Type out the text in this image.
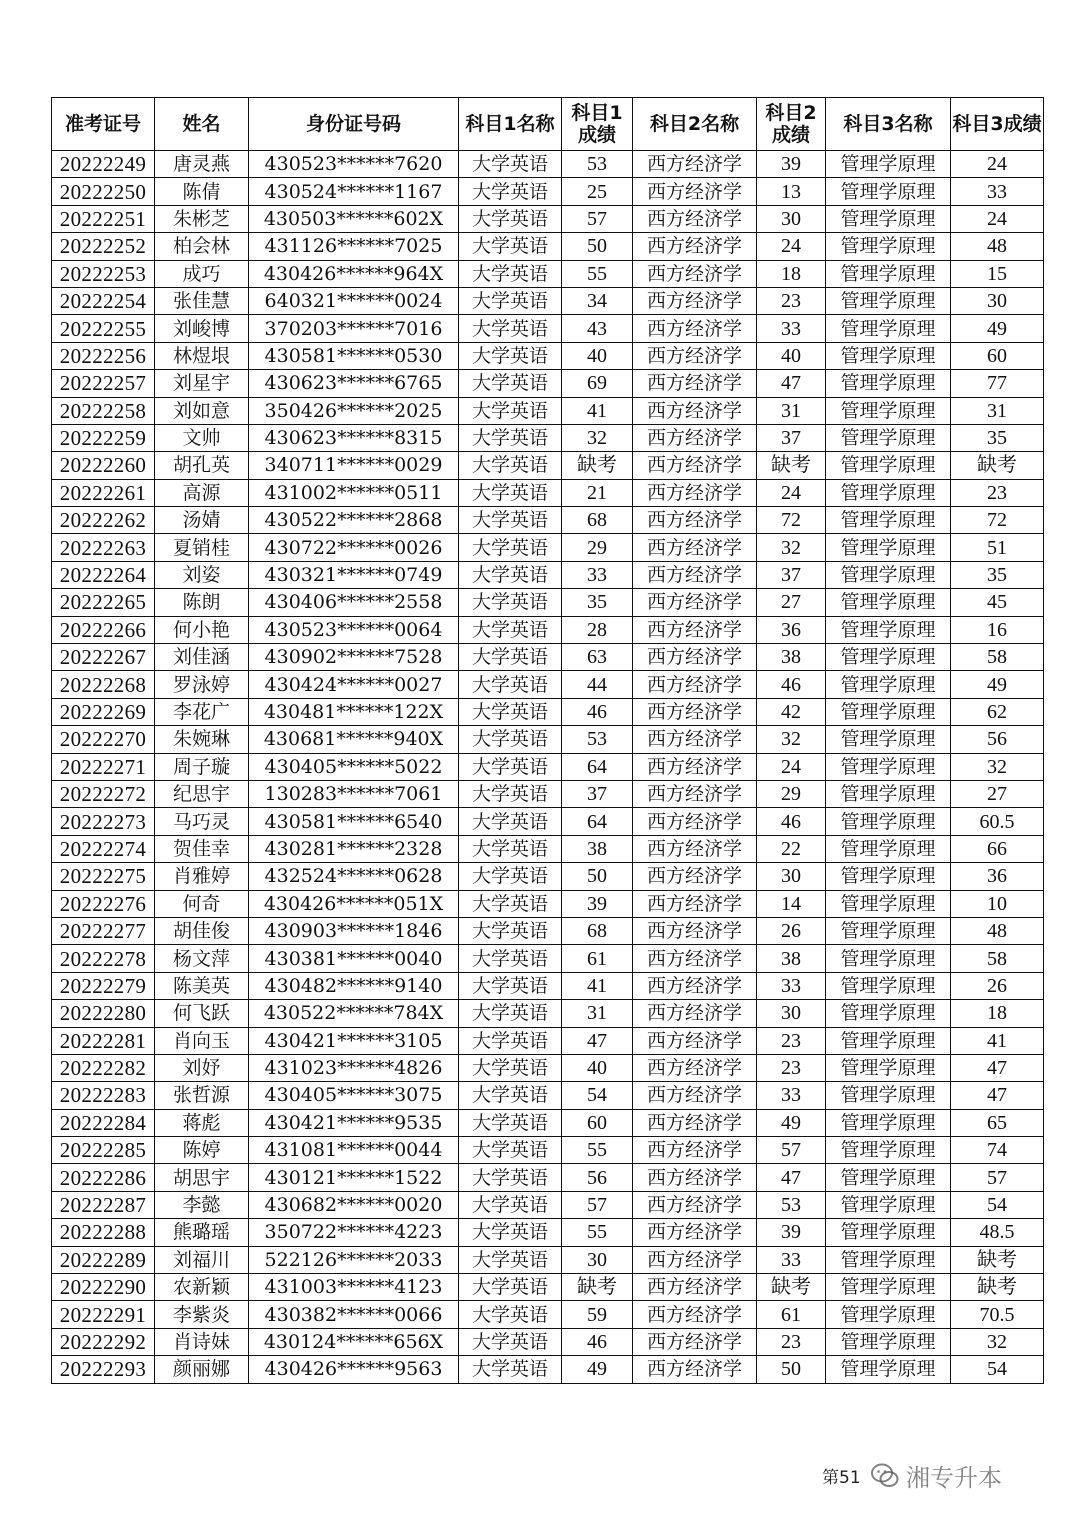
准考证号	姓名	身份证号码	科目1名称	科目1成绩	科目2名称	科目2成绩	科目3名称	科目3成绩
20222249	唐灵燕	430523******7620	大学英语	53	西方经济学	39	管理学原理	24
20222250	陈倩	430524******1167	大学英语	25	西方经济学	13	管理学原理	33
20222251	朱彬芝	430503******602X	大学英语	57	西方经济学	30	管理学原理	24
20222252	柏会林	431126******7025	大学英语	50	西方经济学	24	管理学原理	48
20222253	成巧	430426******964X	大学英语	55	西方经济学	18	管理学原理	15
20222254	张佳慧	640321******0024	大学英语	34	西方经济学	23	管理学原理	30
20222255	刘峻博	370203******7016	大学英语	43	西方经济学	33	管理学原理	49
20222256	林煜垠	430581******0530	大学英语	40	西方经济学	40	管理学原理	60
20222257	刘星宇	430623******6765	大学英语	69	西方经济学	47	管理学原理	77
20222258	刘如意	350426******2025	大学英语	41	西方经济学	31	管理学原理	31
20222259	文帅	430623******8315	大学英语	32	西方经济学	37	管理学原理	35
20222260	胡孔英	340711******0029	大学英语	缺考	西方经济学	缺考	管理学原理	缺考
20222261	高源	431002******0511	大学英语	21	西方经济学	24	管理学原理	23
20222262	汤婧	430522******2868	大学英语	68	西方经济学	72	管理学原理	72
20222263	夏销桂	430722******0026	大学英语	29	西方经济学	32	管理学原理	51
20222264	刘姿	430321******0749	大学英语	33	西方经济学	37	管理学原理	35
20222265	陈朗	430406******2558	大学英语	35	西方经济学	27	管理学原理	45
20222266	何小艳	430523******0064	大学英语	28	西方经济学	36	管理学原理	16
20222267	刘佳涵	430902******7528	大学英语	63	西方经济学	38	管理学原理	58
20222268	罗泳婷	430424******0027	大学英语	44	西方经济学	46	管理学原理	49
20222269	李花广	430481******122X	大学英语	46	西方经济学	42	管理学原理	62
20222270	朱婉琳	430681******940X	大学英语	53	西方经济学	32	管理学原理	56
20222271	周子璇	430405******5022	大学英语	64	西方经济学	24	管理学原理	32
20222272	纪思宇	130283******7061	大学英语	37	西方经济学	29	管理学原理	27
20222273	马巧灵	430581******6540	大学英语	64	西方经济学	46	管理学原理	60.5
20222274	贺佳幸	430281******2328	大学英语	38	西方经济学	22	管理学原理	66
20222275	肖雅婷	432524******0628	大学英语	50	西方经济学	30	管理学原理	36
20222276	何奇	430426******051X	大学英语	39	西方经济学	14	管理学原理	10
20222277	胡佳俊	430903******1846	大学英语	68	西方经济学	26	管理学原理	48
20222278	杨文萍	430381******0040	大学英语	61	西方经济学	38	管理学原理	58
20222279	陈美英	430482******9140	大学英语	41	西方经济学	33	管理学原理	26
20222280	何飞跃	430522******784X	大学英语	31	西方经济学	30	管理学原理	18
20222281	肖向玉	430421******3105	大学英语	47	西方经济学	23	管理学原理	41
20222282	刘妤	431023******4826	大学英语	40	西方经济学	23	管理学原理	47
20222283	张哲源	430405******3075	大学英语	54	西方经济学	33	管理学原理	47
20222284	蒋彪	430421******9535	大学英语	60	西方经济学	49	管理学原理	65
20222285	陈婷	431081******0044	大学英语	55	西方经济学	57	管理学原理	74
20222286	胡思宇	430121******1522	大学英语	56	西方经济学	47	管理学原理	57
20222287	李懿	430682******0020	大学英语	57	西方经济学	53	管理学原理	54
20222288	熊璐瑶	350722******4223	大学英语	55	西方经济学	39	管理学原理	48.5
20222289	刘福川	522126******2033	大学英语	30	西方经济学	33	管理学原理	缺考
20222290	农新颖	431003******4123	大学英语	缺考	西方经济学	缺考	管理学原理	缺考
20222291	李紫炎	430382******0066	大学英语	59	西方经济学	61	管理学原理	70.5
20222292	肖诗妹	430124******656X	大学英语	46	西方经济学	23	管理学原理	32
20222293	颜丽娜	430426******9563	大学英语	49	西方经济学	50	管理学原理	54
第51 湘专升本
